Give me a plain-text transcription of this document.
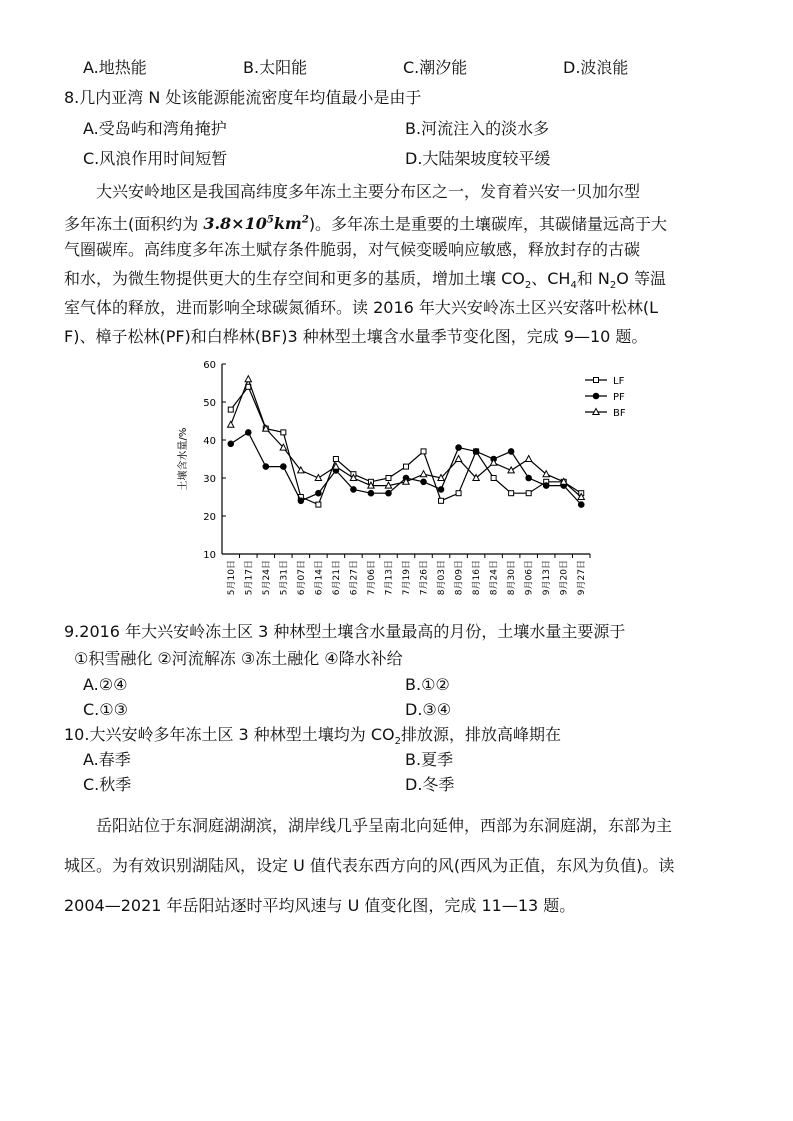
A.地热能	B.太阳能	C.潮汐能	D.波浪能
8.几内亚湾 N 处该能源能流密度年均值最小是由于
A.受岛屿和湾角掩护	B.河流注入的淡水多
C.风浪作用时间短暂	D.大陆架坡度较平缓
大兴安岭地区是我国高纬度多年冻土主要分布区之一，发育着兴安一贝加尔型
多年冻土(面积约为 $3.8\times 10^5km^2$)。多年冻土是重要的土壤碳库，其碳储量远高于大
气圈碳库。高纬度多年冻土赋存条件脆弱，对气候变暖响应敏感，释放封存的古碳
和水，为微生物提供更大的生存空间和更多的基质，增加土壤 $CO_2$、$CH_4$和 $N_2O$ 等温
室气体的释放，进而影响全球碳氮循环。读 2016 年大兴安岭冻土区兴安落叶松林(L
F)、樟子松林(PF)和白桦林(BF)3 种林型土壤含水量季节变化图，完成 9—10 题。
10
20
30
40
50
60
土壤含水量/%
5月10日 5月17日 5月24日 5月31日 6月07日 6月14日 6月21日 6月27日 7月06日 7月13日 7月19日 7月26日 8月03日 8月09日 8月16日 8月24日 8月30日 9月06日 9月13日 9月20日 9月27日
LF
PF
BF
9.2016 年大兴安岭冻土区 3 种林型土壤含水量最高的月份，土壤水量主要源于
①积雪融化 ②河流解冻 ③冻土融化 ④降水补给
A.②④	B.①②
C.①③	D.③④
10.大兴安岭多年冻土区 3 种林型土壤均为 $CO_2$排放源，排放高峰期在
A.春季	B.夏季
C.秋季	D.冬季
岳阳站位于东洞庭湖湖滨，湖岸线几乎呈南北向延伸，西部为东洞庭湖，东部为主
城区。为有效识别湖陆风，设定 U 值代表东西方向的风(西风为正值，东风为负值)。读
2004—2021 年岳阳站逐时平均风速与 U 值变化图，完成 11—13 题。
